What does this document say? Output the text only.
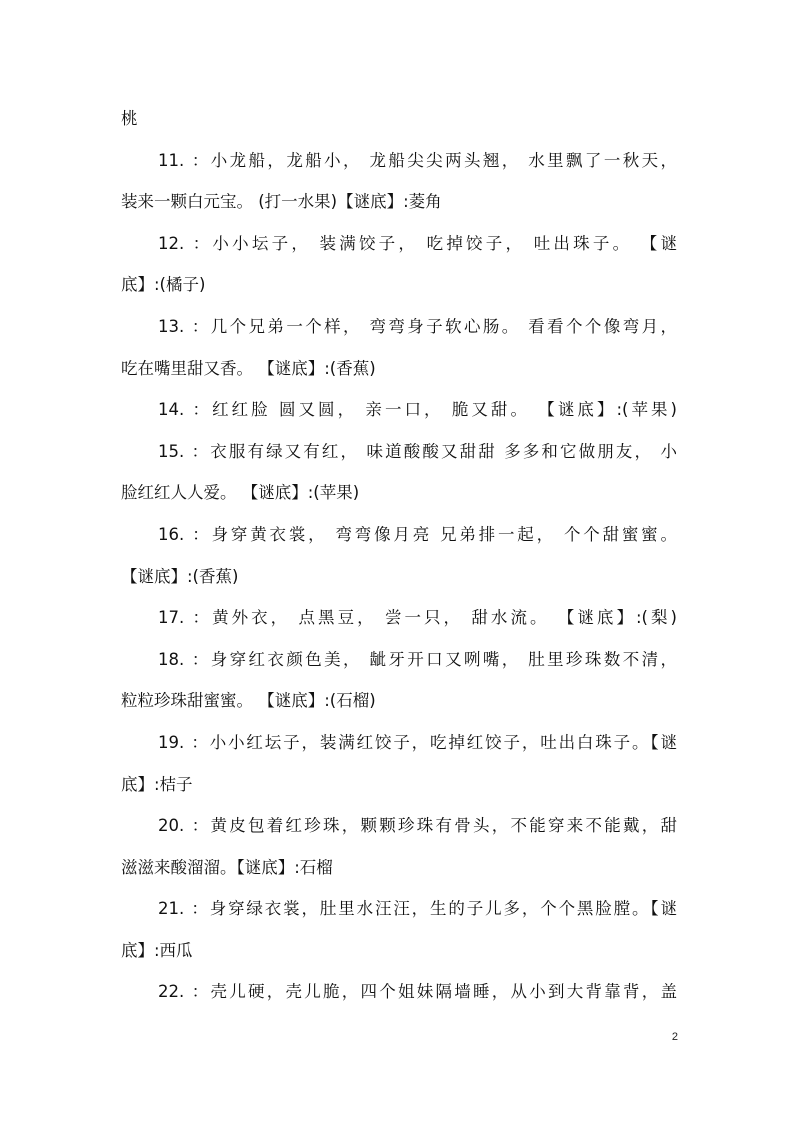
桃
11. ：小龙船，龙船小， 龙船尖尖两头翘， 水里飘了一秋天，
装来一颗白元宝。 (打一水果)【谜底】:菱角
12. ：小小坛子， 装满饺子， 吃掉饺子， 吐出珠子。 【谜
底】:(橘子)
13. ：几个兄弟一个样， 弯弯身子软心肠。 看看个个像弯月，
吃在嘴里甜又香。 【谜底】:(香蕉)
14. ：红红脸 圆又圆， 亲一口， 脆又甜。 【谜底】:(苹果)
15. ：衣服有绿又有红， 味道酸酸又甜甜 多多和它做朋友， 小
脸红红人人爱。 【谜底】:(苹果)
16. ：身穿黄衣裳， 弯弯像月亮 兄弟排一起， 个个甜蜜蜜。
【谜底】:(香蕉)
17. ：黄外衣， 点黑豆， 尝一只， 甜水流。 【谜底】:(梨)
18. ：身穿红衣颜色美， 龇牙开口又咧嘴， 肚里珍珠数不清，
粒粒珍珠甜蜜蜜。 【谜底】:(石榴)
19. ：小小红坛子，装满红饺子，吃掉红饺子，吐出白珠子。【谜
底】:桔子
20. ：黄皮包着红珍珠，颗颗珍珠有骨头，不能穿来不能戴，甜
滋滋来酸溜溜。【谜底】:石榴
21. ：身穿绿衣裳，肚里水汪汪，生的子儿多，个个黑脸膛。【谜
底】:西瓜
22. ：壳儿硬，壳儿脆，四个姐妹隔墙睡，从小到大背靠背，盖
2
